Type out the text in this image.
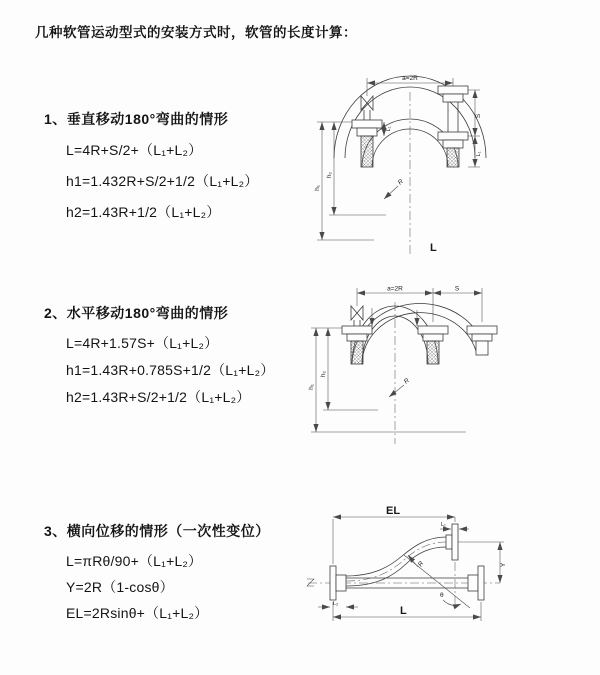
几种软管运动型式的安装方式时，软管的长度计算：
1、垂直移动180°弯曲的情形
L=4R+S/2+（L₁+L₂）
h1=1.432R+S/2+1/2（L₁+L₂）
h2=1.43R+1/2（L₁+L₂）
a=2R
h₁
h₂
L₁
S
L₁
R
L
2、水平移动180°弯曲的情形
L=4R+1.57S+（L₁+L₂）
h1=1.43R+0.785S+1/2（L₁+L₂）
h2=1.43R+S/2+1/2（L₁+L₂）
a=2R	S
h₁
h₂
R
3、横向位移的情形（一次性变位）
L=πRθ/90+（L₁+L₂）
Y=2R（1-cosθ）
EL=2Rsinθ+（L₁+L₂）
θ
R
EL
L₁
Y
L₂
L
